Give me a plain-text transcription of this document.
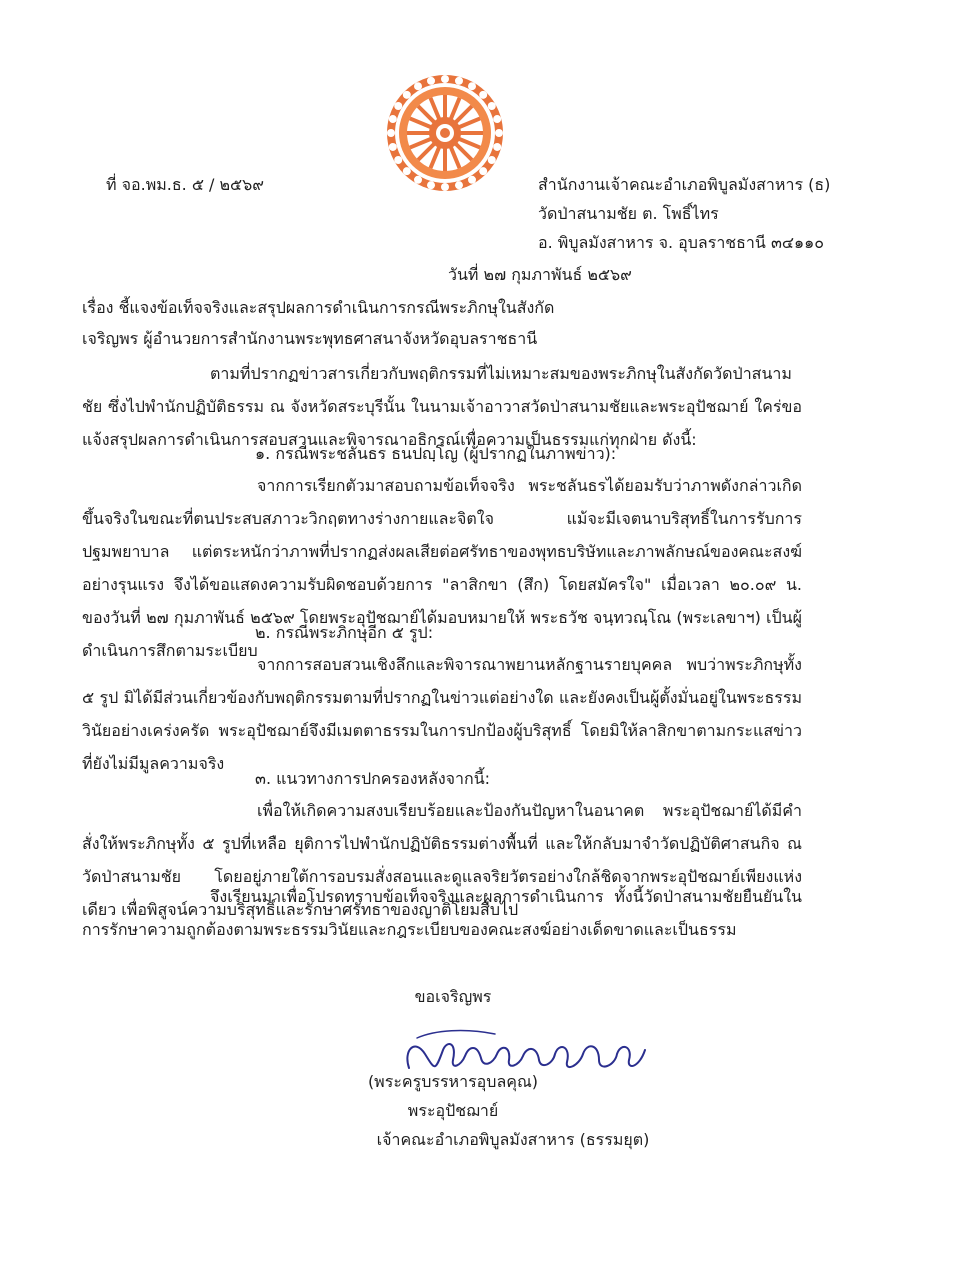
ที่ จอ.พม.ธ. ๕ / ๒๕๖๙	สำนักงานเจ้าคณะอำเภอพิบูลมังสาหาร (ธ)
วัดป่าสนามชัย ต. โพธิ์ไทร
อ. พิบูลมังสาหาร จ. อุบลราชธานี ๓๔๑๑๐
วันที่ ๒๗ กุมภาพันธ์ ๒๕๖๙
เรื่อง ชี้แจงข้อเท็จจริงและสรุปผลการดำเนินการกรณีพระภิกษุในสังกัด
เจริญพร ผู้อำนวยการสำนักงานพระพุทธศาสนาจังหวัดอุบลราชธานี
ตามที่ปรากฏข่าวสารเกี่ยวกับพฤติกรรมที่ไม่เหมาะสมของพระภิกษุในสังกัดวัดป่าสนามชัย ซึ่งไปพำนักปฏิบัติธรรม ณ จังหวัดสระบุรีนั้น ในนามเจ้าอาวาสวัดป่าสนามชัยและพระอุปัชฌาย์ ใคร่ขอแจ้งสรุปผลการดำเนินการสอบสวนและพิจารณาอธิกรณ์เพื่อความเป็นธรรมแก่ทุกฝ่าย ดังนี้:
๑. กรณีพระชลันธร ธนปญฺโญ (ผู้ปรากฏในภาพข่าว):
จากการเรียกตัวมาสอบถามข้อเท็จจริง พระชลันธรได้ยอมรับว่าภาพดังกล่าวเกิดขึ้นจริงในขณะที่ตนประสบสภาวะวิกฤตทางร่างกายและจิตใจ แม้จะมีเจตนาบริสุทธิ์ในการรับการปฐมพยาบาล แต่ตระหนักว่าภาพที่ปรากฏส่งผลเสียต่อศรัทธาของพุทธบริษัทและภาพลักษณ์ของคณะสงฆ์อย่างรุนแรง จึงได้ขอแสดงความรับผิดชอบด้วยการ "ลาสิกขา (สึก) โดยสมัครใจ" เมื่อเวลา ๒๐.๐๙ น. ของวันที่ ๒๗ กุมภาพันธ์ ๒๕๖๙ โดยพระอุปัชฌาย์ได้มอบหมายให้ พระธวัช จนฺทวณฺโณ (พระเลขาฯ) เป็นผู้ดำเนินการสึกตามระเบียบ
๒. กรณีพระภิกษุอีก ๕ รูป:
จากการสอบสวนเชิงลึกและพิจารณาพยานหลักฐานรายบุคคล พบว่าพระภิกษุทั้ง ๕ รูป มิได้มีส่วนเกี่ยวข้องกับพฤติกรรมตามที่ปรากฏในข่าวแต่อย่างใด และยังคงเป็นผู้ตั้งมั่นอยู่ในพระธรรมวินัยอย่างเคร่งครัด พระอุปัชฌาย์จึงมีเมตตาธรรมในการปกป้องผู้บริสุทธิ์ โดยมิให้ลาสิกขาตามกระแสข่าวที่ยังไม่มีมูลความจริง
๓. แนวทางการปกครองหลังจากนี้:
เพื่อให้เกิดความสงบเรียบร้อยและป้องกันปัญหาในอนาคต พระอุปัชฌาย์ได้มีคำสั่งให้พระภิกษุทั้ง ๕ รูปที่เหลือ ยุติการไปพำนักปฏิบัติธรรมต่างพื้นที่ และให้กลับมาจำวัดปฏิบัติศาสนกิจ ณ วัดป่าสนามชัย โดยอยู่ภายใต้การอบรมสั่งสอนและดูแลจริยวัตรอย่างใกล้ชิดจากพระอุปัชฌาย์เพียงแห่งเดียว เพื่อพิสูจน์ความบริสุทธิ์และรักษาศรัทธาของญาติโยมสืบไป
จึงเรียนมาเพื่อโปรดทราบข้อเท็จจริงและผลการดำเนินการ ทั้งนี้วัดป่าสนามชัยยืนยันในการรักษาความถูกต้องตามพระธรรมวินัยและกฎระเบียบของคณะสงฆ์อย่างเด็ดขาดและเป็นธรรม
ขอเจริญพร
(พระครูบรรหารอุบลคุณ)
พระอุปัชฌาย์
เจ้าคณะอำเภอพิบูลมังสาหาร (ธรรมยุต)
